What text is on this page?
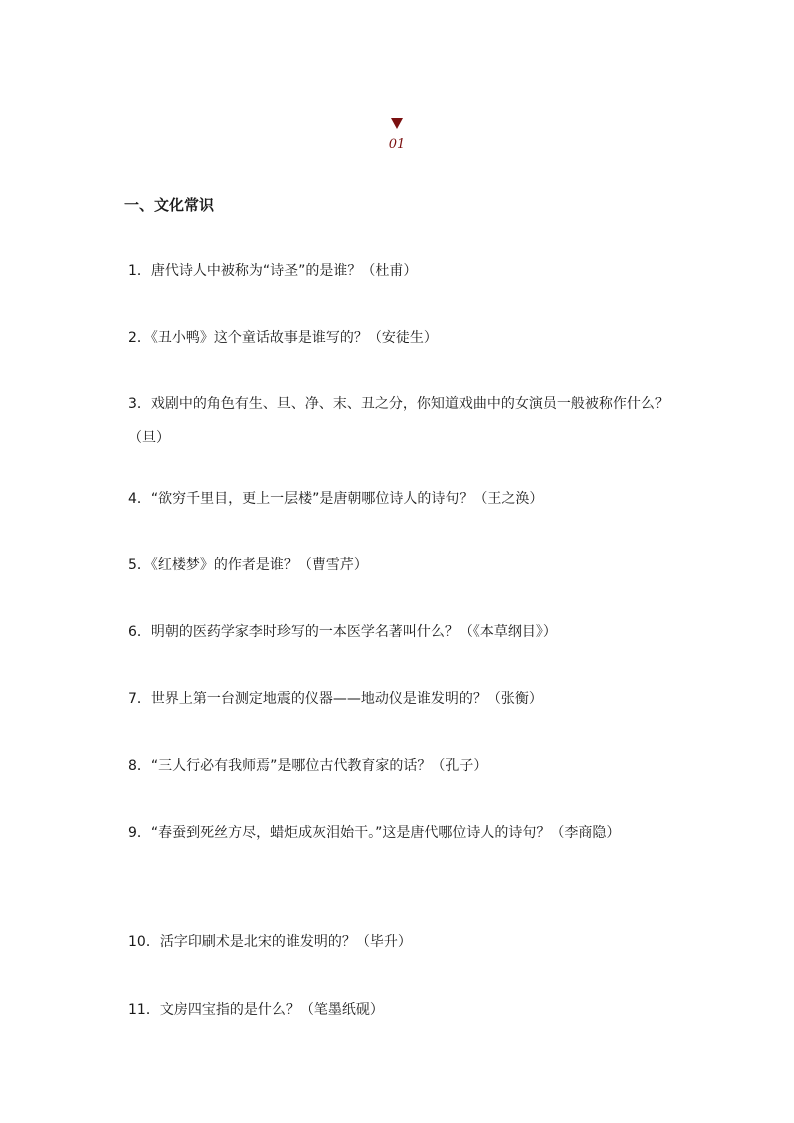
01
一、文化常识

1．唐代诗人中被称为“诗圣”的是谁？（杜甫）

2．《丑小鸭》这个童话故事是谁写的？（安徒生）

3．戏剧中的角色有生、旦、净、末、丑之分，你知道戏曲中的女演员一般被称作什么？（旦）

4．“欲穷千里目，更上一层楼”是唐朝哪位诗人的诗句？（王之涣）

5．《红楼梦》的作者是谁？（曹雪芹）

6．明朝的医药学家李时珍写的一本医学名著叫什么？（《本草纲目》）

7．世界上第一台测定地震的仪器——地动仪是谁发明的？（张衡）

8．“三人行必有我师焉”是哪位古代教育家的话？（孔子）

9．“春蚕到死丝方尽，蜡炬成灰泪始干。”这是唐代哪位诗人的诗句？（李商隐）

10．活字印刷术是北宋的谁发明的？（毕升）

11．文房四宝指的是什么？（笔墨纸砚）
